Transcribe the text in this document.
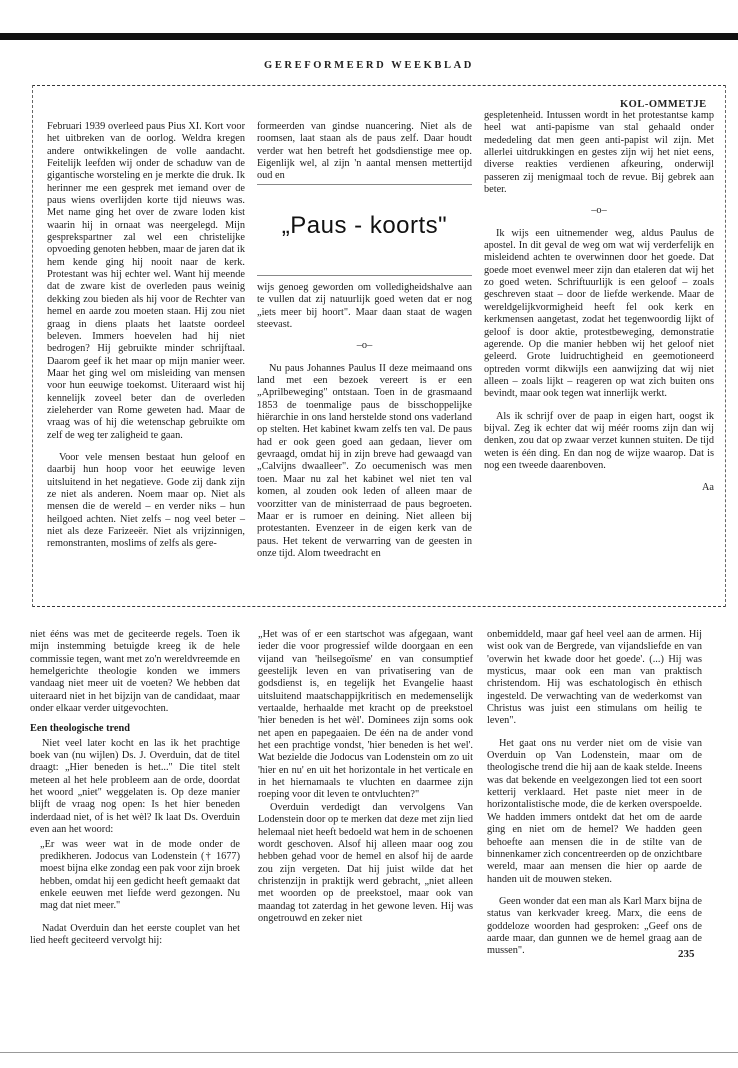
GEREFORMEERD WEEKBLAD
KOL-OMMETJE

Februari 1939 overleed paus Pius XI. Kort voor het uitbreken van de oorlog. Weldra kregen andere ontwikkelingen de volle aandacht. Feitelijk leefden wij onder de schaduw van de gigantische worsteling en je merkte die druk. Ik herinner me een gesprek met iemand over de paus wiens overlijden korte tijd nieuws was. Met name ging het over de zware loden kist waarin hij in ornaat was neergelegd. Mijn gesprekspartner zal wel een christelijke opvoeding genoten hebben, maar de jaren dat ik hem kende ging hij nooit naar de kerk. Protestant was hij echter wel. Want hij meende dat de zware kist de overleden paus weinig dekking zou bieden als hij voor de Rechter van hemel en aarde zou moeten staan. Hij zou niet graag in diens plaats het laatste oordeel beleven. Immers hoevelen had hij niet bedrogen? Hij gebruikte minder schrijftaal. Daarom geef ik het maar op mijn manier weer. Maar het ging wel om misleiding van mensen voor hun eeuwige toekomst. Uiteraard wist hij kennelijk zoveel beter dan de overleden zieleherder van Rome geweten had. Maar de vraag was of hij die wetenschap gebruikte om zelf de weg ter zaligheid te gaan.

Voor vele mensen bestaat hun geloof en daarbij hun hoop voor het eeuwige leven uitsluitend in het negatieve. Gode zij dank zijn ze niet als anderen. Noem maar op. Niet als mensen die de wereld – en verder niks – hun heilgoed achten. Niet zelfs – nog veel beter – niet als deze Farizeeër. Niet als vrijzinnigen, remonstranten, moslims of zelfs als gere-

formeerden van gindse nuancering. Niet als de roomsen, laat staan als de paus zelf. Daar houdt verder wat hen betreft het godsdienstige mee op. Eigenlijk wel, al zijn 'n aantal mensen mettertijd oud en

„Paus - koorts"

wijs genoeg geworden om volledigheidshalve aan te vullen dat zij natuurlijk goed weten dat er nog „iets meer bij hoort". Maar daan staat de wagen steevast.

–o–

Nu paus Johannes Paulus II deze meimaand ons land met een bezoek vereert is er een „Aprilbeweging" ontstaan. Toen in de grasmaand 1853 de toenmalige paus de bisschoppelijke hiërarchie in ons land herstelde stond ons vaderland op stelten. Het kabinet kwam zelfs ten val. De paus had er ook geen goed aan gedaan, liever om gevraagd, omdat hij in zijn breve had gewaagd van „Calvijns dwaalleer". Zo oecumenisch was men toen. Maar nu zal het kabinet wel niet ten val komen, al zouden ook leden of alleen maar de voorzitter van de ministerraad de paus begroeten. Maar er is rumoer en deining. Niet alleen bij protestanten. Evenzeer in de eigen kerk van de paus. Het tekent de verwarring van de geesten in onze tijd. Alom tweedracht en

gespletenheid. Intussen wordt in het protestantse kamp heel wat anti-papisme van stal gehaald onder mededeling dat men geen anti-papist wil zijn. Met allerlei uitdrukkingen en gestes zijn wij het niet eens, diverse reakties verdienen afkeuring, onderwijl passeren zij menigmaal toch de revue. Bij gebrek aan beter.

–o–

Ik wijs een uitnemender weg, aldus Paulus de apostel. In dit geval de weg om wat wij verderfelijk en misleidend achten te overwinnen door het goede. Dat goede moet evenwel meer zijn dan etaleren dat wij het zo goed weten. Schriftuurlijk is een geloof – zoals geschreven staat – door de liefde werkende. Maar de wereldgelijkvormigheid heeft fel ook kerk en kerkmensen aangetast, zodat het tegenwoordig lijkt of geloof is door aktie, protestbeweging, demonstratie agerende. Op die manier hebben wij het geloof niet geleerd. Grote luidruchtigheid en geemotioneerd optreden vormt dikwijls een aanwijzing dat wij niet alleen – zoals lijkt – reageren op wat zich buiten ons bevindt, maar ook tegen wat innerlijk werkt.

Als ik schrijf over de paap in eigen hart, oogst ik bijval. Zeg ik echter dat wij méér rooms zijn dan wij denken, zou dat op zwaar verzet kunnen stuiten. De tijd weten is één ding. En dan nog de wijze waarop. Dat is nog een tweede daarenboven.

Aa

niet ééns was met de geciteerde regels. Toen ik mijn instemming betuigde kreeg ik de hele commissie tegen, want met zo'n wereldvreemde en hemelgerichte theologie konden we immers vandaag niet meer uit de voeten? We hebben dat uiteraard niet in het bijzijn van de candidaat, maar onder elkaar verder uitgevochten.

Een theologische trend

Niet veel later kocht en las ik het prachtige boek van (nu wijlen) Ds. J. Overduin, dat de titel draagt: „Hier beneden is het..." Die titel stelt meteen al het hele probleem aan de orde, doordat het woord „niet" weggelaten is. Op deze manier blijft de vraag nog open: Is het hier beneden inderdaad niet, of is het wèl? Ik laat Ds. Overduin even aan het woord:

„Er was weer wat in de mode onder de predikheren. Jodocus van Lodenstein († 1677) moest bijna elke zondag een pak voor zijn broek hebben, omdat hij een gedicht heeft gemaakt dat enkele eeuwen met liefde werd gezongen. Nu mag dat niet meer."

Nadat Overduin dan het eerste couplet van het lied heeft geciteerd vervolgt hij:

„Het was of er een startschot was afgegaan, want ieder die voor progressief wilde doorgaan en een vijand van 'heilsegoïsme' en van consumptief geestelijk leven en van privatisering van de godsdienst is, en tegelijk het Evangelie haast uitsluitend maatschappijkritisch en medemenselijk vertaalde, herhaalde met kracht op de preekstoel 'hier beneden is het wèl'. Dominees zijn soms ook net apen en papegaaien. De één na de ander vond het een prachtige vondst, 'hier beneden is het wel'. Wat bezielde die Jodocus van Lodenstein om zo uit 'hier en nu' en uit het horizontale in het verticale en in het hiernamaals te vluchten en daarmee zijn roeping voor dit leven te ontvluchten?"

Overduin verdedigt dan vervolgens Van Lodenstein door op te merken dat deze met zijn lied helemaal niet heeft bedoeld wat hem in de schoenen wordt geschoven. Alsof hij alleen maar oog zou hebben gehad voor de hemel en alsof hij de aarde zou zijn vergeten. Dat hij juist wilde dat het christenzijn in praktijk werd gebracht, „niet alleen met woorden op de preekstoel, maar ook van maandag tot zaterdag in het gewone leven. Hij was ongetrouwd en zeker niet

onbemiddeld, maar gaf heel veel aan de armen. Hij wist ook van de Bergrede, van vijandsliefde en van 'overwin het kwade door het goede'. (...) Hij was mysticus, maar ook een man van praktisch christendom. Hij was eschatologisch èn ethisch ingesteld. De verwachting van de wederkomst van Christus was juist een stimulans om heilig te leven".

Het gaat ons nu verder niet om de visie van Overduin op Van Lodenstein, maar om de theologische trend die hij aan de kaak stelde. Ineens was dat bekende en veelgezongen lied tot een soort ketterij verklaard. Het paste niet meer in de horizontalistische mode, die de kerken overspoelde. We hadden immers ontdekt dat het om de aarde ging en niet om de hemel? We hadden geen behoefte aan mensen die in de stilte van de binnenkamer zich concentreerden op de onzichtbare wereld, maar aan mensen die hier op aarde de handen uit de mouwen steken.

Geen wonder dat een man als Karl Marx bijna de status van kerkvader kreeg. Marx, die eens de goddeloze woorden had gesproken: „Geef ons de aarde maar, dan gunnen we de hemel graag aan de mussen".	235
